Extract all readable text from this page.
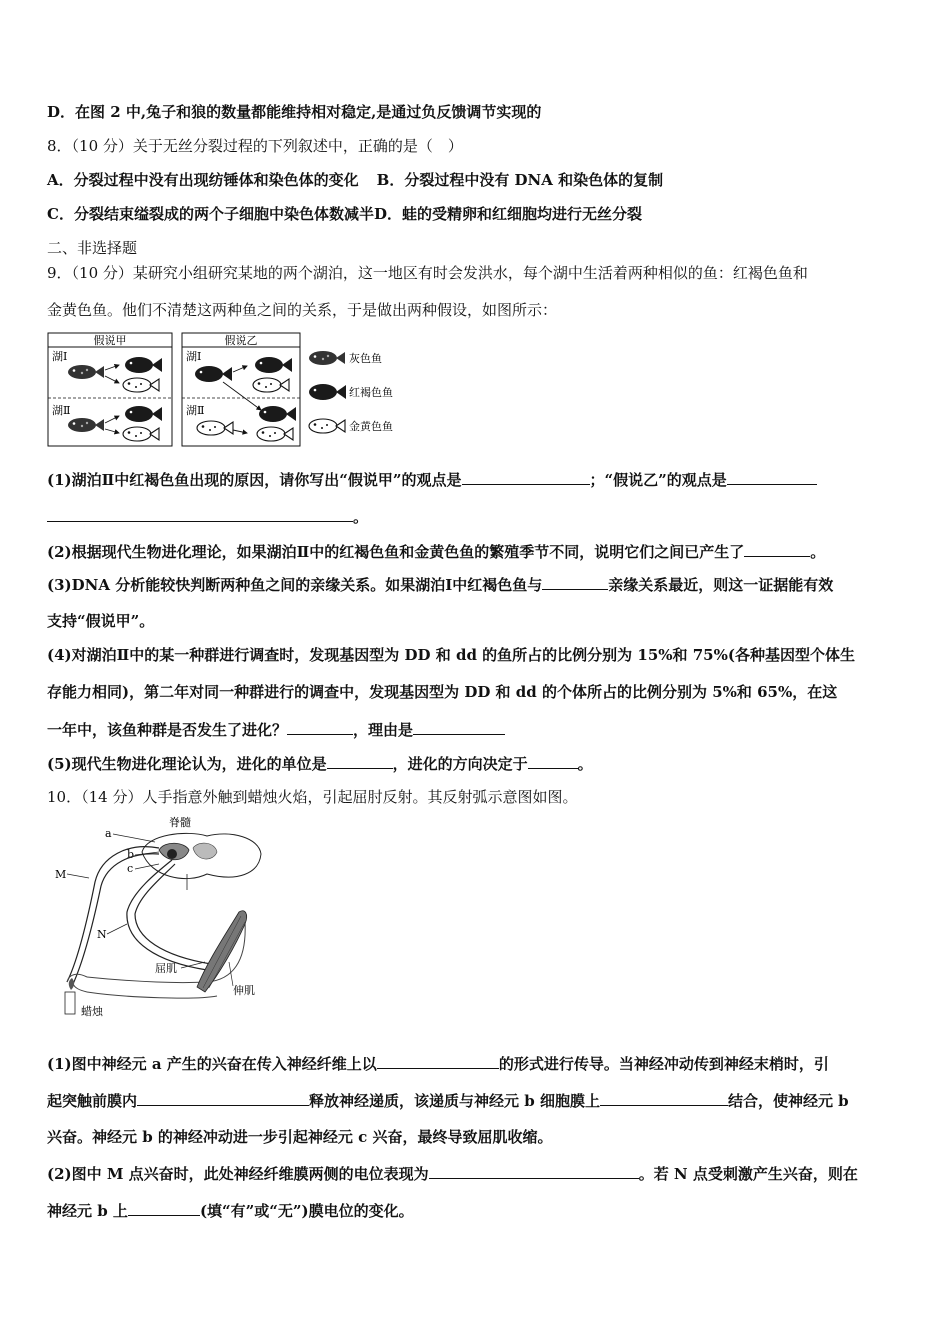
D．在图 2 中,兔子和狼的数量都能维持相对稳定,是通过负反馈调节实现的
8．（10 分）关于无丝分裂过程的下列叙述中，正确的是（　）
A．分裂过程中没有出现纺锤体和染色体的变化 B．分裂过程中没有 DNA 和染色体的复制
C．分裂结束缢裂成的两个子细胞中染色体数减半D．蛙的受精卵和红细胞均进行无丝分裂
二、非选择题
9．（10 分）某研究小组研究某地的两个湖泊，这一地区有时会发洪水，每个湖中生活着两种相似的鱼：红褐色鱼和
金黄色鱼。他们不清楚这两种鱼之间的关系，于是做出两种假设，如图所示：
假说甲
湖Ⅰ
湖Ⅱ
假说乙
湖Ⅰ
湖Ⅱ
灰色鱼
红褐色鱼
金黄色鱼
(1)湖泊Ⅱ中红褐色鱼出现的原因，请你写出“假说甲”的观点是	；“假说乙”的观点是
。
(2)根据现代生物进化理论，如果湖泊Ⅱ中的红褐色鱼和金黄色鱼的繁殖季节不同，说明它们之间已产生了	。
(3)DNA 分析能较快判断两种鱼之间的亲缘关系。如果湖泊Ⅰ中红褐色鱼与	亲缘关系最近，则这一证据能有效
支持“假说甲”。
(4)对湖泊Ⅱ中的某一种群进行调查时，发现基因型为 DD 和 dd 的鱼所占的比例分别为 15%和 75%(各种基因型个体生
存能力相同)，第二年对同一种群进行的调查中，发现基因型为 DD 和 dd 的个体所占的比例分别为 5%和 65%，在这
一年中，该鱼种群是否发生了进化？	，理由是
(5)现代生物进化理论认为，进化的单位是	，进化的方向决定于	。
10．（14 分）人手指意外触到蜡烛火焰，引起屈肘反射。其反射弧示意图如图。
脊髓
a
b
c
M
N
屈肌
伸肌
蜡烛
(1)图中神经元 a 产生的兴奋在传入神经纤维上以	的形式进行传导。当神经冲动传到神经末梢时，引
起突触前膜内	释放神经递质，该递质与神经元 b 细胞膜上	结合，使神经元 b
兴奋。神经元 b 的神经冲动进一步引起神经元 c 兴奋，最终导致屈肌收缩。
(2)图中 M 点兴奋时，此处神经纤维膜两侧的电位表现为	。若 N 点受刺激产生兴奋，则在
神经元 b 上	(填“有”或“无”)膜电位的变化。
